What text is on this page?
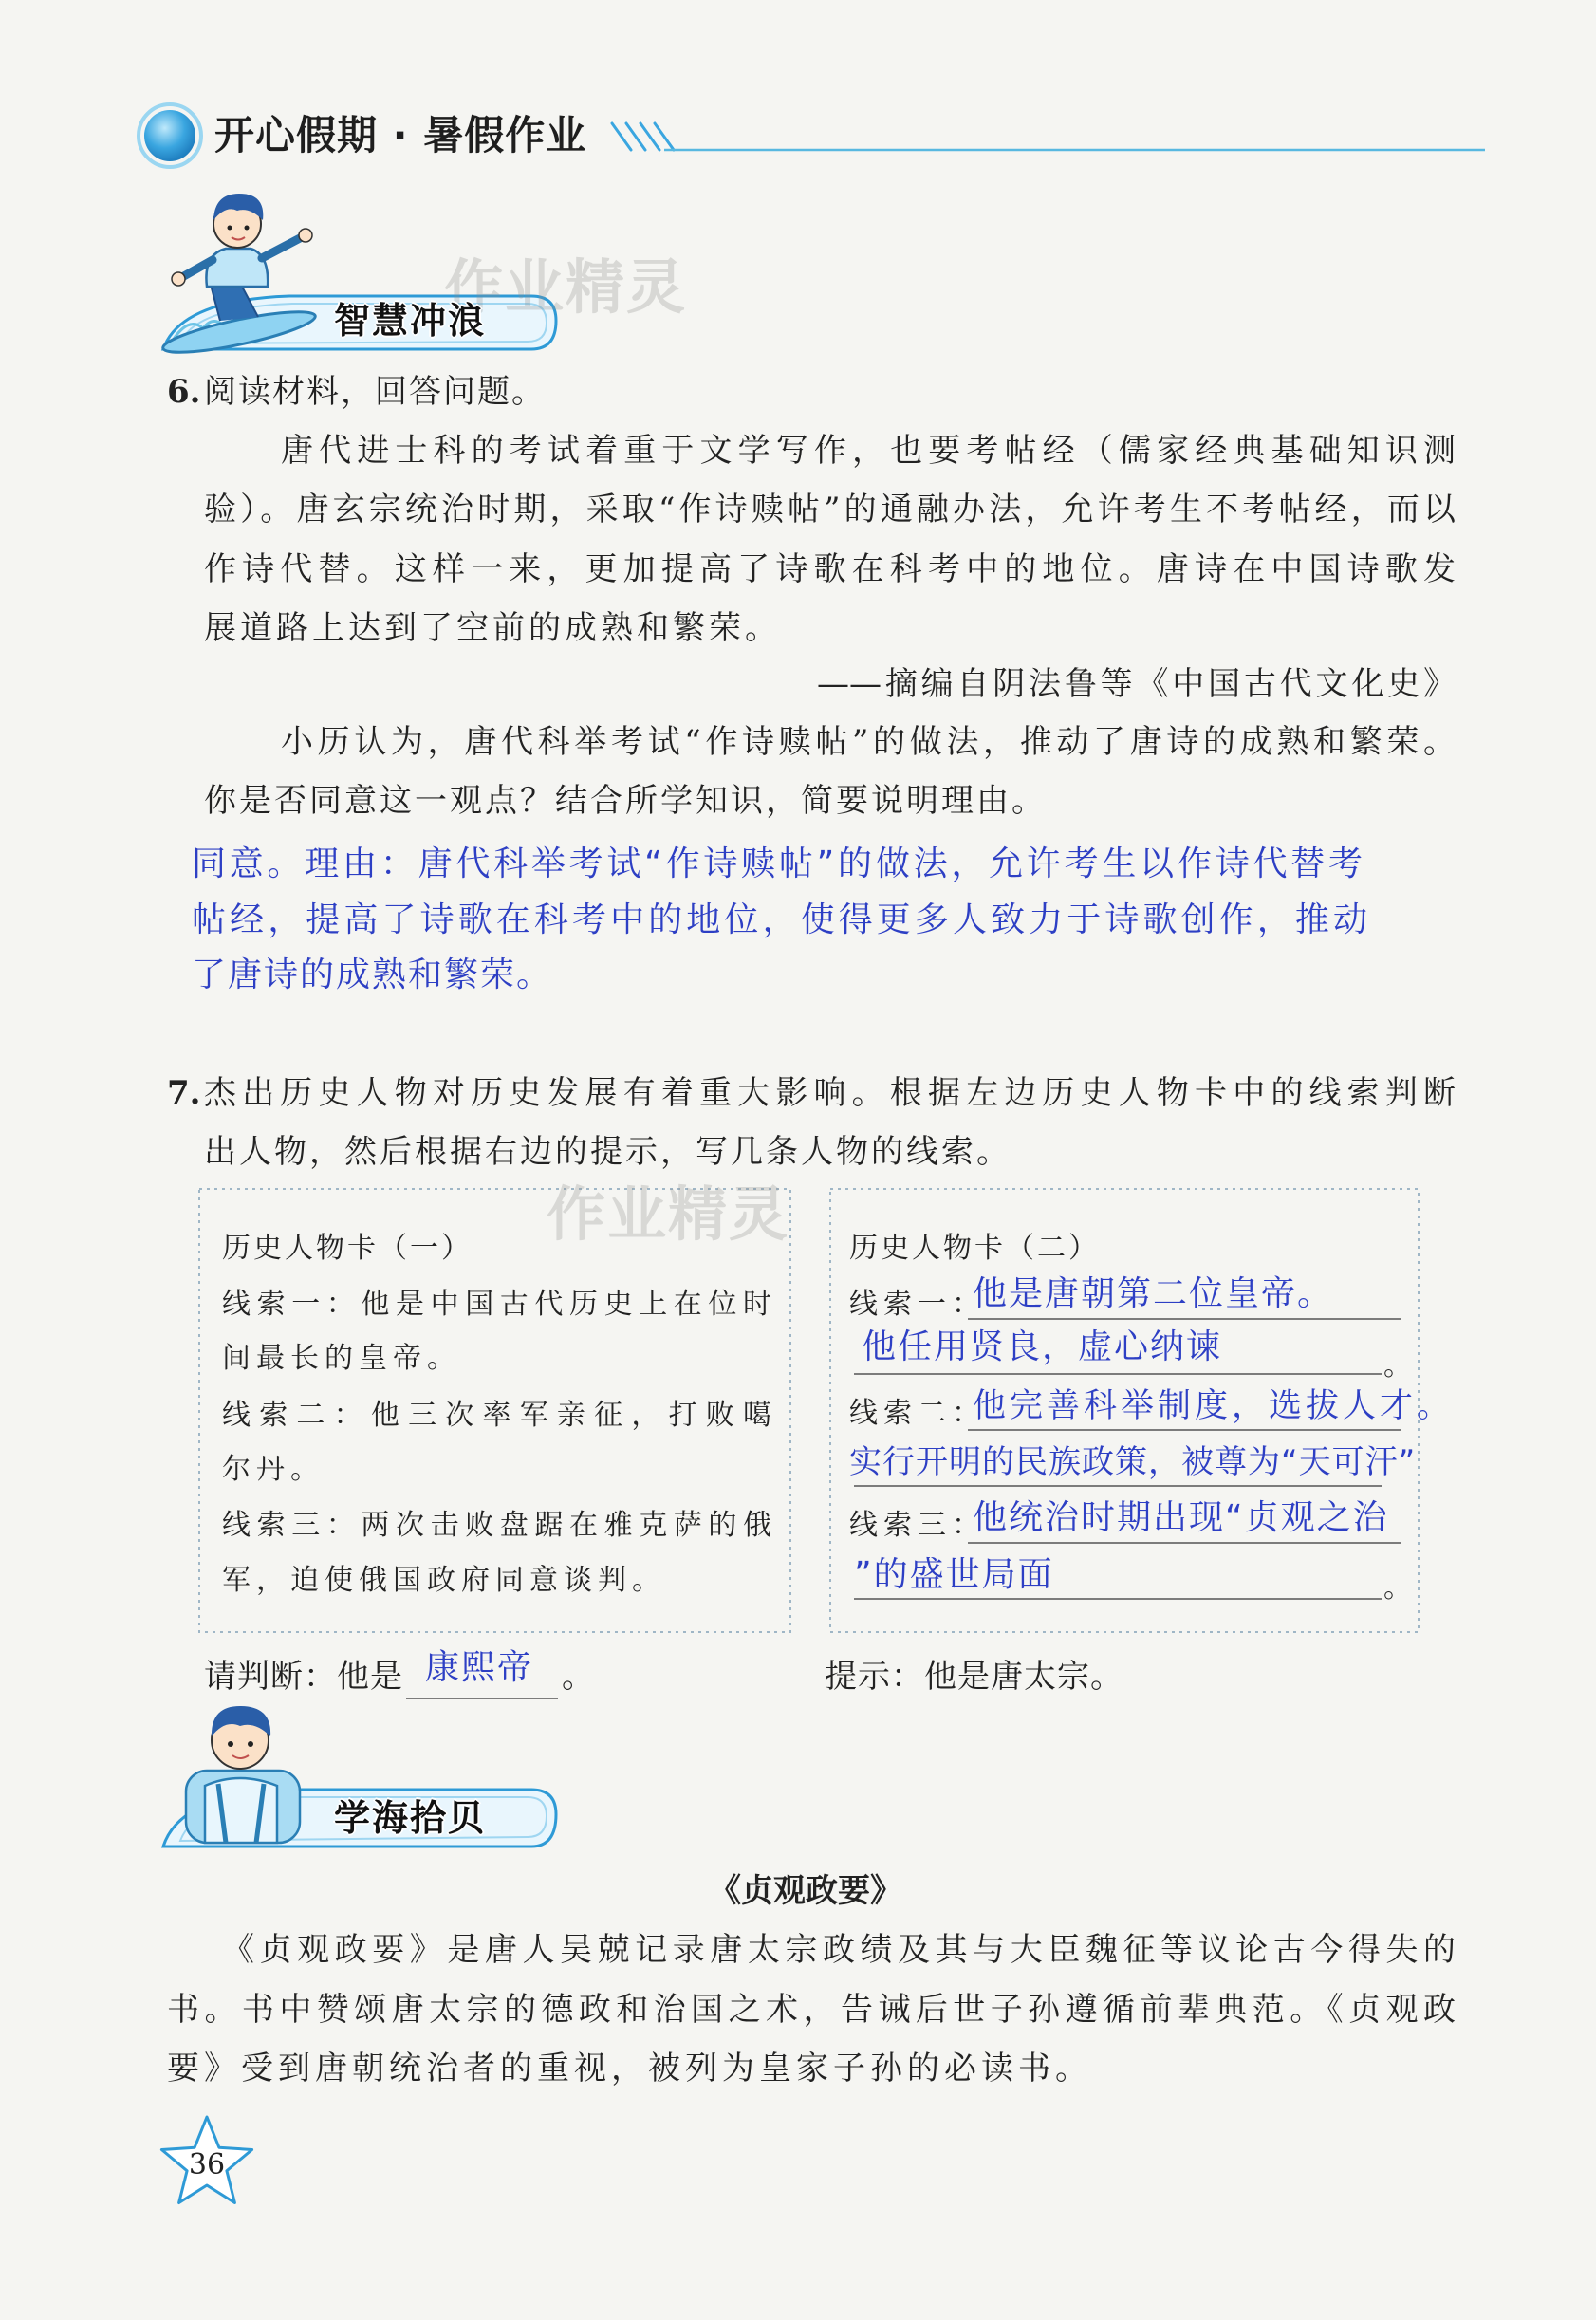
开心假期 · 暑假作业
作业精灵
作业精灵
智慧冲浪
6. 阅读材料，回答问题。
唐代进士科的考试着重于文学写作，也要考帖经（儒家经典基础知识测
验）。唐玄宗统治时期，采取“作诗赎帖”的通融办法，允许考生不考帖经，而以
作诗代替。这样一来，更加提高了诗歌在科考中的地位。唐诗在中国诗歌发
展道路上达到了空前的成熟和繁荣。
——摘编自阴法鲁等《中国古代文化史》
小历认为，唐代科举考试“作诗赎帖”的做法，推动了唐诗的成熟和繁荣。
你是否同意这一观点？结合所学知识，简要说明理由。
同意。理由：唐代科举考试“作诗赎帖”的做法，允许考生以作诗代替考
帖经，提高了诗歌在科考中的地位，使得更多人致力于诗歌创作，推动
了唐诗的成熟和繁荣。
7. 杰出历史人物对历史发展有着重大影响。根据左边历史人物卡中的线索判断
出人物，然后根据右边的提示，写几条人物的线索。
历史人物卡（一）
线索一：他是中国古代历史上在位时
间最长的皇帝。
线索二：他三次率军亲征，打败噶
尔丹。
线索三：两次击败盘踞在雅克萨的俄
军，迫使俄国政府同意谈判。
历史人物卡（二）
线索一：
线索二：
线索三：
他是唐朝第二位皇帝。
他任用贤良，虚心纳谏
他完善科举制度，选拔人才。
实行开明的民族政策，被尊为“天可汗”
他统治时期出现“贞观之治
”的盛世局面
。
。
请判断：他是 康熙帝 。	提示：他是唐太宗。
学海拾贝
《贞观政要》
《贞观政要》是唐人吴兢记录唐太宗政绩及其与大臣魏征等议论古今得失的
书。书中赞颂唐太宗的德政和治国之术，告诫后世子孙遵循前辈典范。《贞观政
要》受到唐朝统治者的重视，被列为皇家子孙的必读书。
36
